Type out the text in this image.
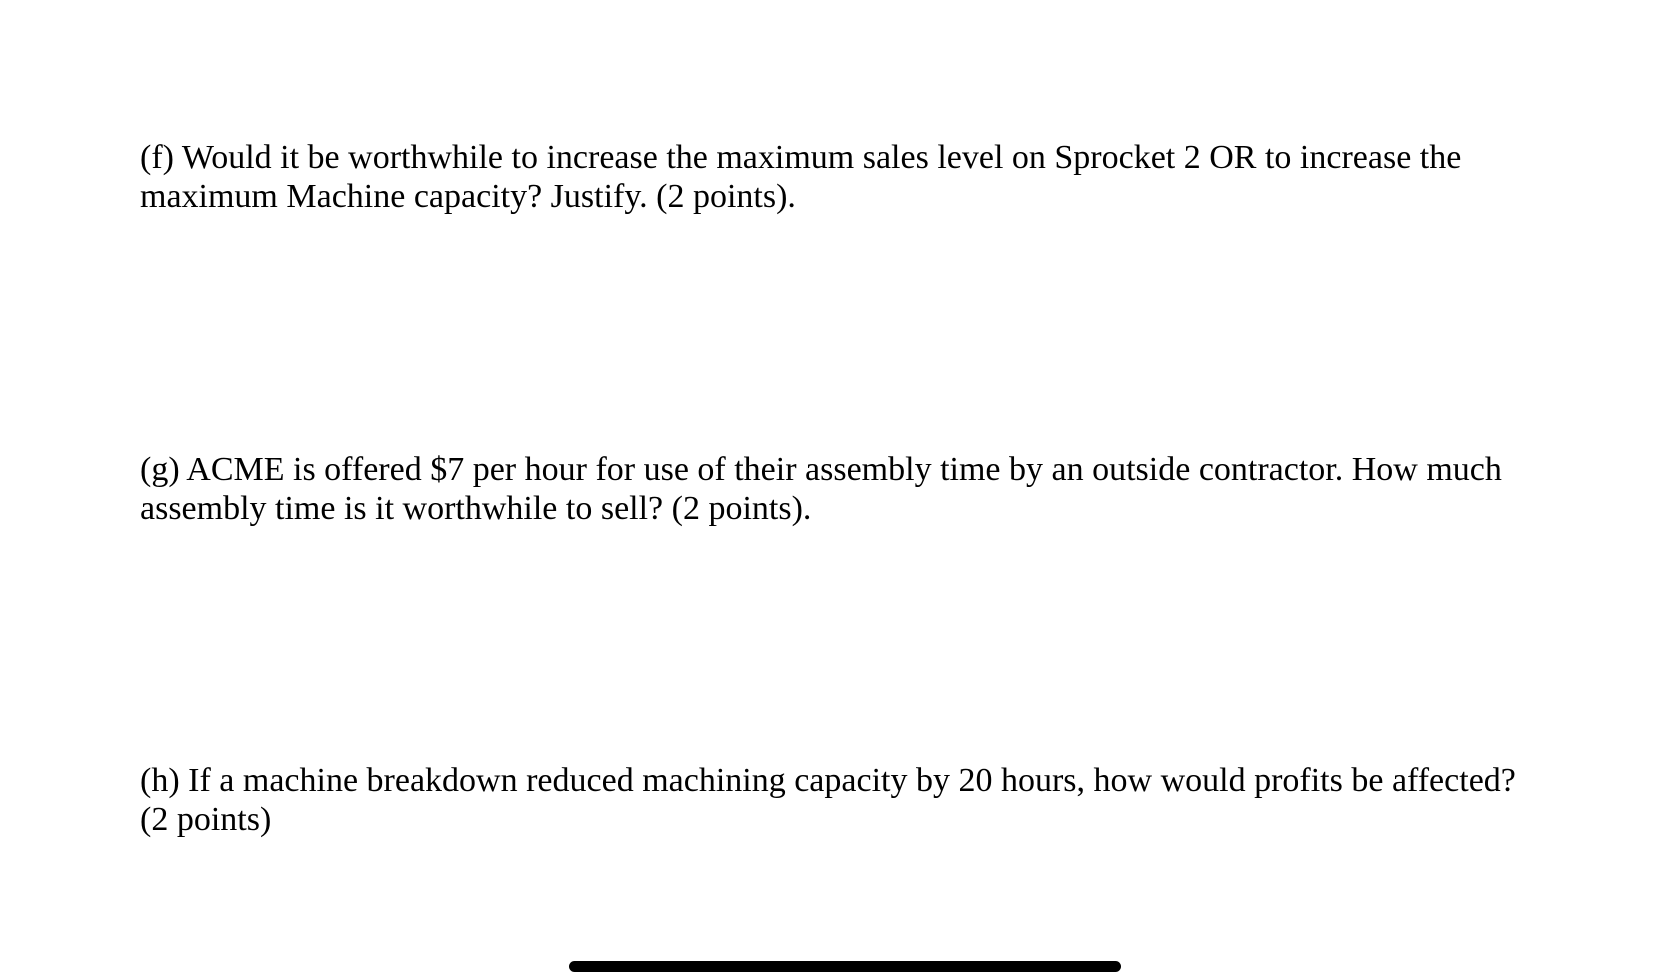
(f) Would it be worthwhile to increase the maximum sales level on Sprocket 2 OR to increase the
maximum Machine capacity? Justify. (2 points).

(g) ACME is offered $7 per hour for use of their assembly time by an outside contractor. How much
assembly time is it worthwhile to sell? (2 points).

(h) If a machine breakdown reduced machining capacity by 20 hours, how would profits be affected?
(2 points)
